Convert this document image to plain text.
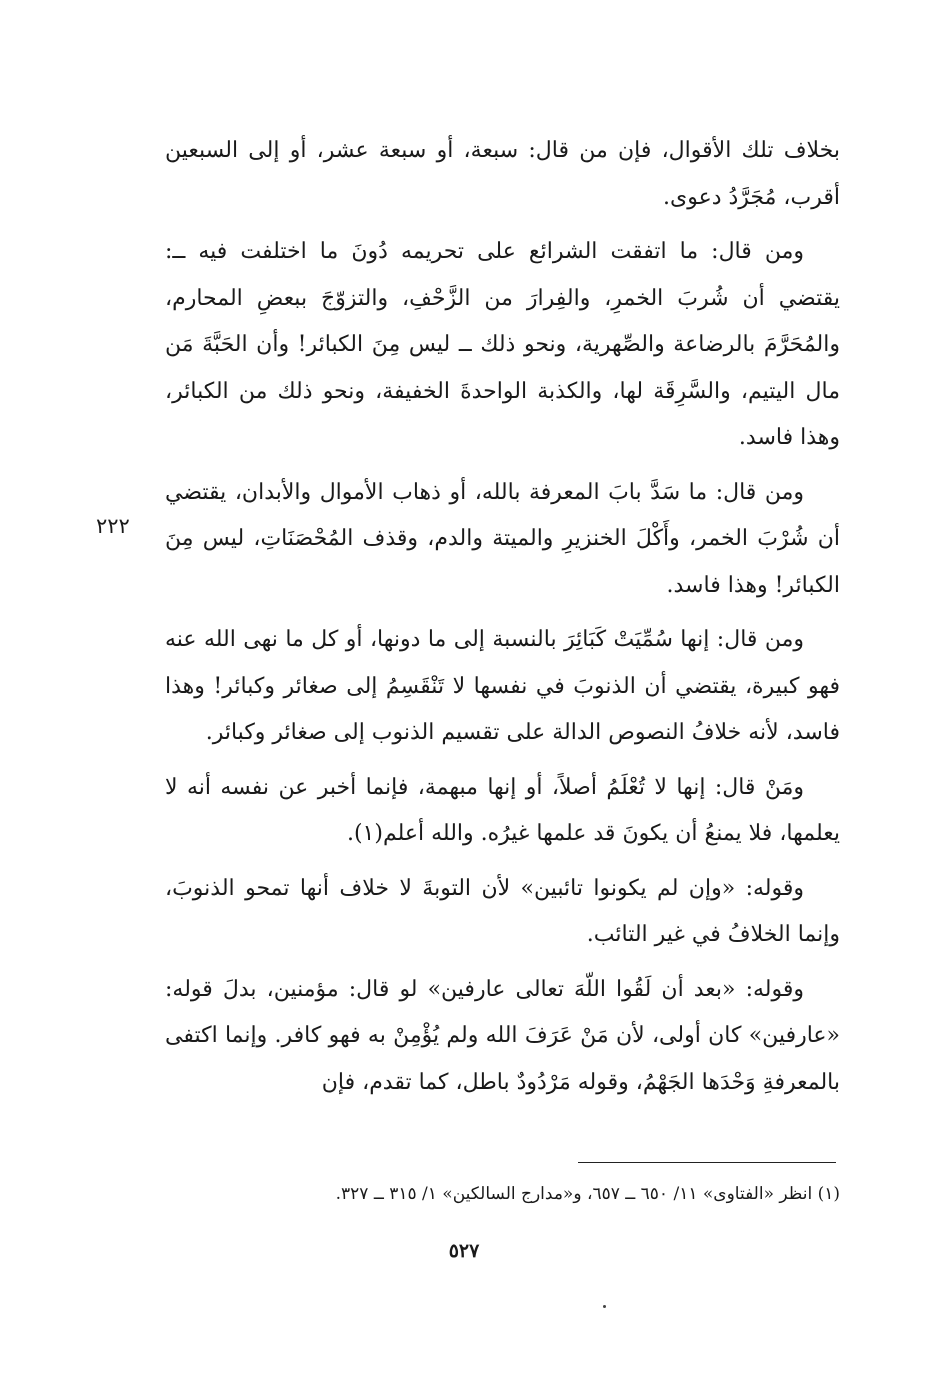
بخلاف تلك الأقوال، فإن من قال: سبعة، أو سبعة عشر، أو إلى السبعين أقرب، مُجَرَّدُ دعوى.

ومن قال: ما اتفقت الشرائع على تحريمه دُونَ ما اختلفت فيه ــ: يقتضي أن شُربَ الخمرِ، والفِرارَ من الزَّحْفِ، والتزوّجَ ببعضِ المحارم، والمُحَرَّمَ بالرضاعة والصِّهرية، ونحو ذلك ــ ليس مِنَ الكبائر! وأن الحَبَّةَ مَن مال اليتيم، والسَّرِقَة لها، والكذبة الواحدةَ الخفيفة، ونحو ذلك من الكبائر، وهذا فاسد.

ومن قال: ما سَدَّ بابَ المعرفة بالله، أو ذهاب الأموال والأبدان، يقتضي أن شُرْبَ الخمر، وأَكْلَ الخنزيرِ والميتة والدم، وقذف المُحْصَنَاتِ، ليس مِنَ الكبائر! وهذا فاسد.

ومن قال: إنها سُمِّيَتْ كَبَائِرَ بالنسبة إلى ما دونها، أو كل ما نهى الله عنه فهو كبيرة، يقتضي أن الذنوبَ في نفسها لا تَنْقَسِمُ إلى صغائر وكبائر! وهذا فاسد، لأنه خلافُ النصوص الدالة على تقسيم الذنوب إلى صغائر وكبائر.

ومَنْ قال: إنها لا تُعْلَمُ أصلاً، أو إنها مبهمة، فإنما أخبر عن نفسه أنه لا يعلمها، فلا يمنعُ أن يكونَ قد علمها غيرُه. والله أعلم(١).

وقوله: «وإن لم يكونوا تائبين» لأن التوبةَ لا خلاف أنها تمحو الذنوبَ، وإنما الخلافُ في غير التائب.

وقوله: «بعد أن لَقُوا اللّهَ تعالى عارفين» لو قال: مؤمنين، بدلَ قوله: «عارفين» كان أولى، لأن مَنْ عَرَفَ الله ولم يُؤْمِنْ به فهو كافر. وإنما اكتفى بالمعرفةِ وَحْدَها الجَهْمُ، وقوله مَرْدُودٌ باطل، كما تقدم، فإن

٢٢٢
(١) انظر «الفتاوى» ١١/ ٦٥٠ ــ ٦٥٧، و«مدارج السالكين» ١/ ٣١٥ ــ ٣٢٧.
٥٢٧
